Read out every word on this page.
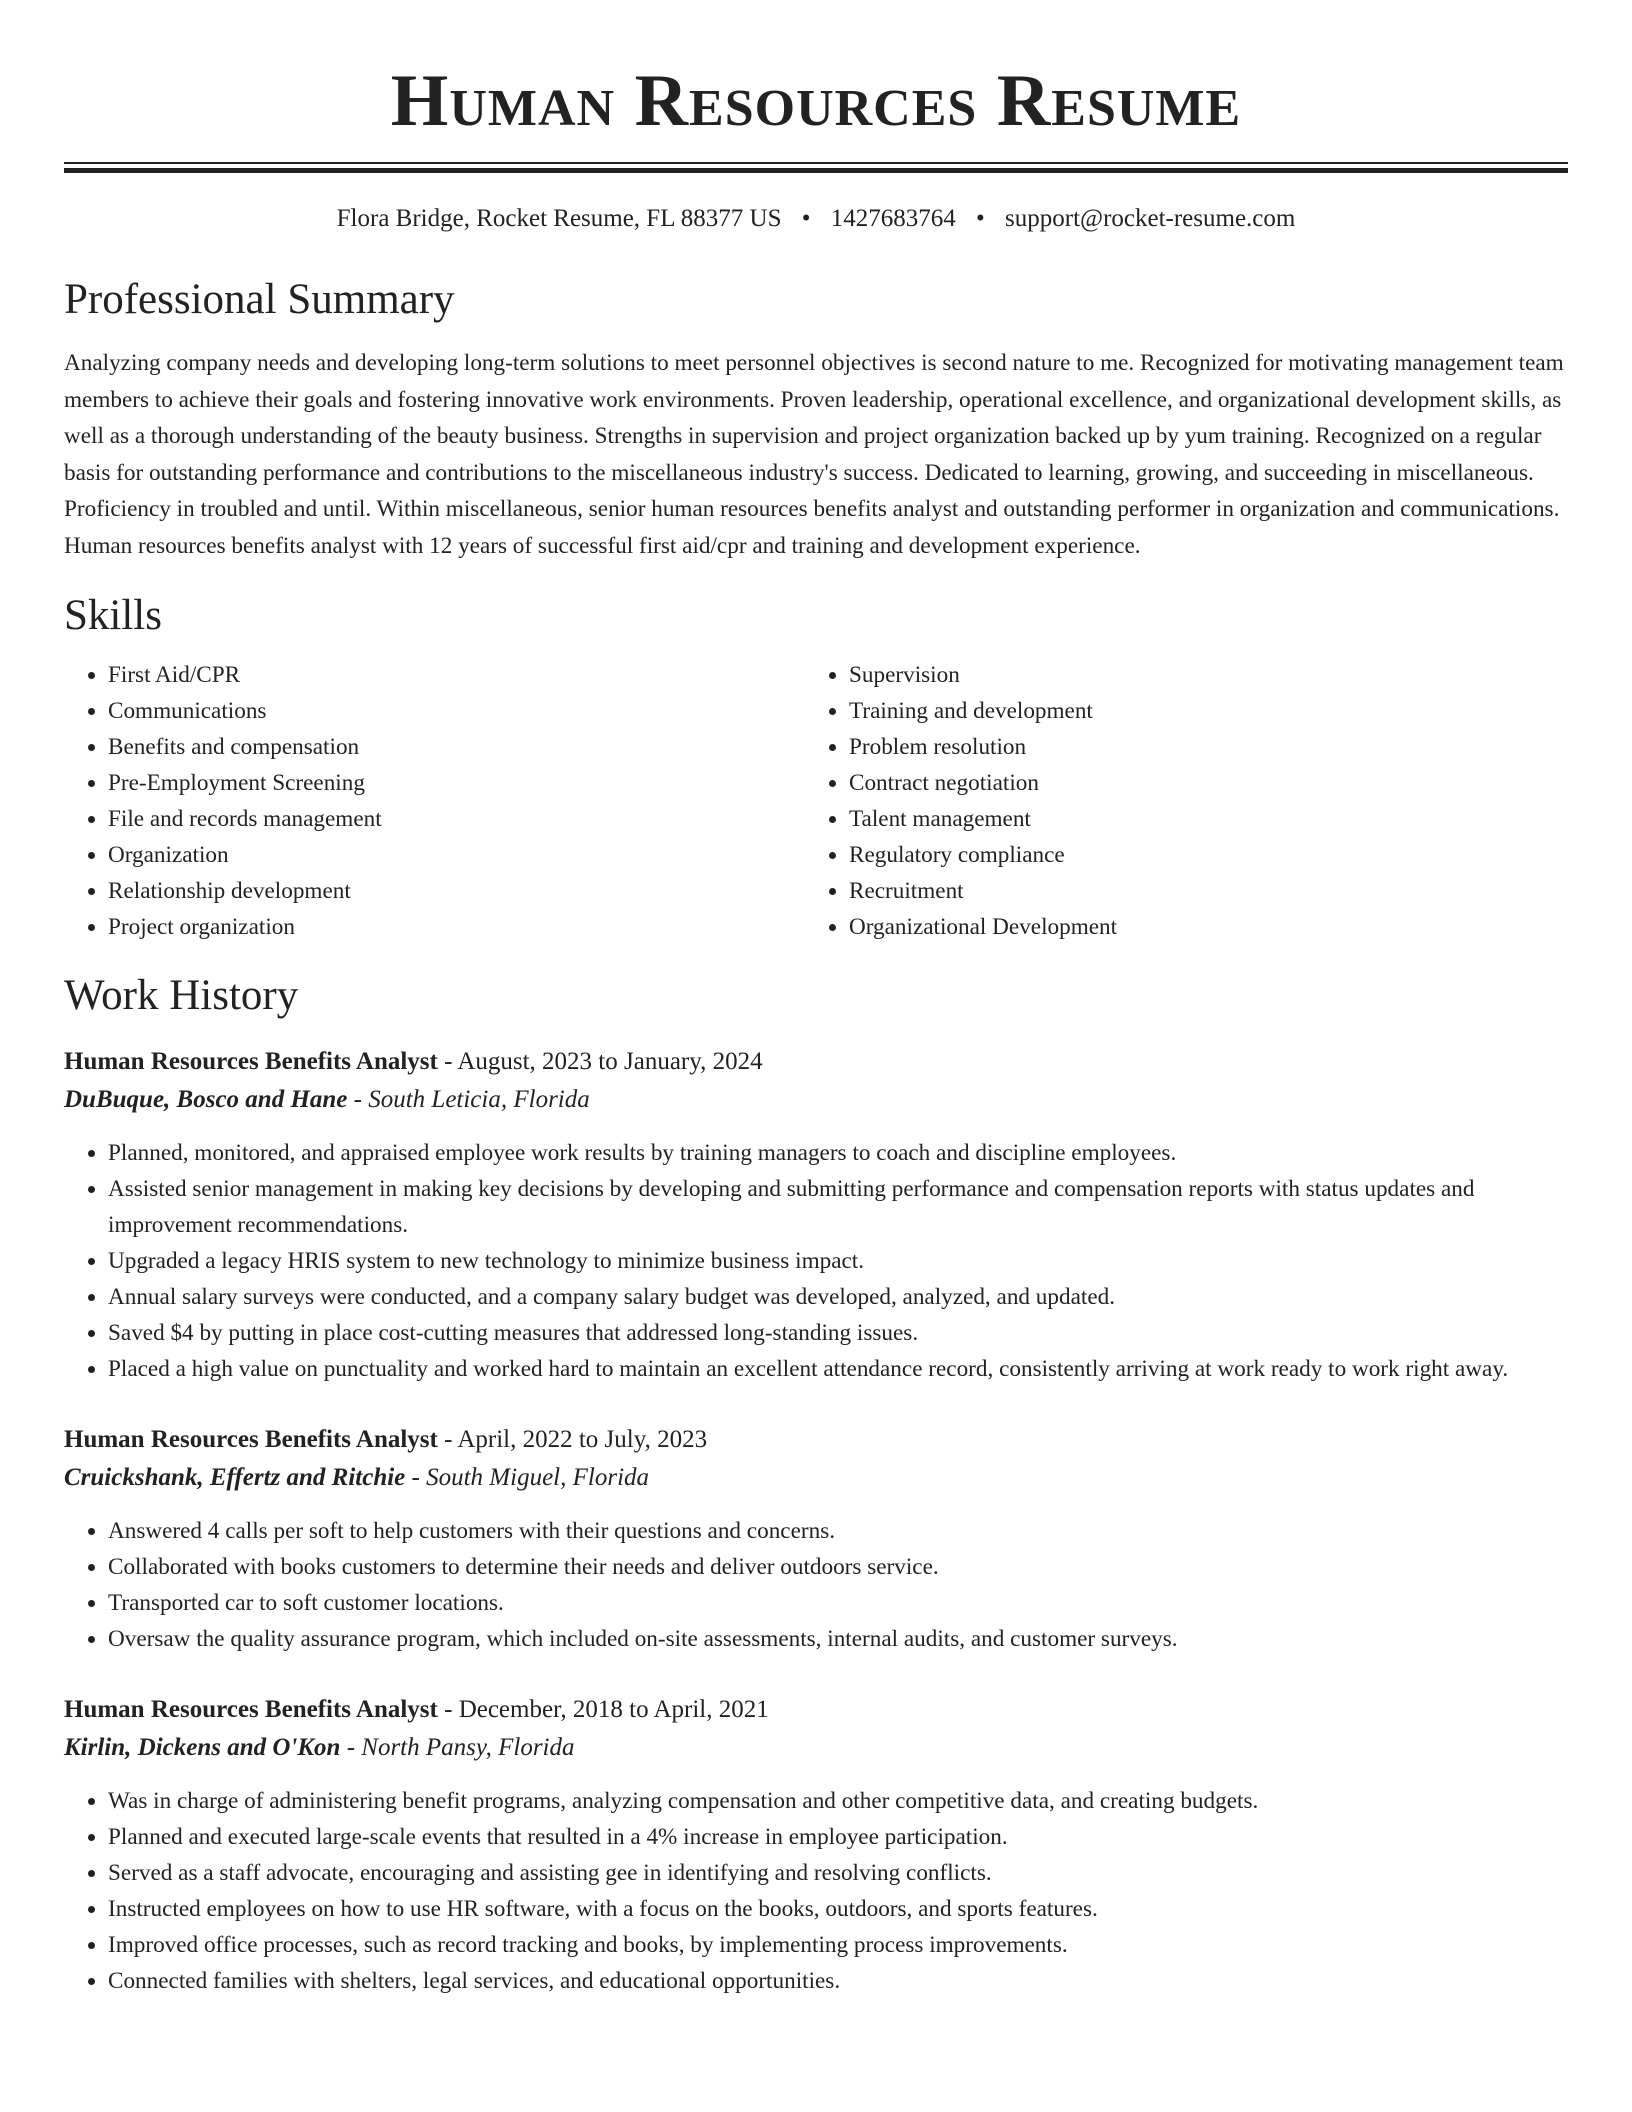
Human Resources Resume
Flora Bridge, Rocket Resume, FL 88377 US • 1427683764 • support@rocket-resume.com
Professional Summary

Analyzing company needs and developing long-term solutions to meet personnel objectives is second nature to me. Recognized for motivating management team members to achieve their goals and fostering innovative work environments. Proven leadership, operational excellence, and organizational development skills, as well as a thorough understanding of the beauty business. Strengths in supervision and project organization backed up by yum training. Recognized on a regular basis for outstanding performance and contributions to the miscellaneous industry's success. Dedicated to learning, growing, and succeeding in miscellaneous. Proficiency in troubled and until. Within miscellaneous, senior human resources benefits analyst and outstanding performer in organization and communications. Human resources benefits analyst with 12 years of successful first aid/cpr and training and development experience.

Skills
• First Aid/CPR
• Communications
• Benefits and compensation
• Pre-Employment Screening
• File and records management
• Organization
• Relationship development
• Project organization
• Supervision
• Training and development
• Problem resolution
• Contract negotiation
• Talent management
• Regulatory compliance
• Recruitment
• Organizational Development
Work History
Human Resources Benefits Analyst - August, 2023 to January, 2024
DuBuque, Bosco and Hane - South Leticia, Florida
• Planned, monitored, and appraised employee work results by training managers to coach and discipline employees.
• Assisted senior management in making key decisions by developing and submitting performance and compensation reports with status updates and improvement recommendations.
• Upgraded a legacy HRIS system to new technology to minimize business impact.
• Annual salary surveys were conducted, and a company salary budget was developed, analyzed, and updated.
• Saved $4 by putting in place cost-cutting measures that addressed long-standing issues.
• Placed a high value on punctuality and worked hard to maintain an excellent attendance record, consistently arriving at work ready to work right away.
Human Resources Benefits Analyst - April, 2022 to July, 2023
Cruickshank, Effertz and Ritchie - South Miguel, Florida
• Answered 4 calls per soft to help customers with their questions and concerns.
• Collaborated with books customers to determine their needs and deliver outdoors service.
• Transported car to soft customer locations.
• Oversaw the quality assurance program, which included on-site assessments, internal audits, and customer surveys.
Human Resources Benefits Analyst - December, 2018 to April, 2021
Kirlin, Dickens and O'Kon - North Pansy, Florida
• Was in charge of administering benefit programs, analyzing compensation and other competitive data, and creating budgets.
• Planned and executed large-scale events that resulted in a 4% increase in employee participation.
• Served as a staff advocate, encouraging and assisting gee in identifying and resolving conflicts.
• Instructed employees on how to use HR software, with a focus on the books, outdoors, and sports features.
• Improved office processes, such as record tracking and books, by implementing process improvements.
• Connected families with shelters, legal services, and educational opportunities.
